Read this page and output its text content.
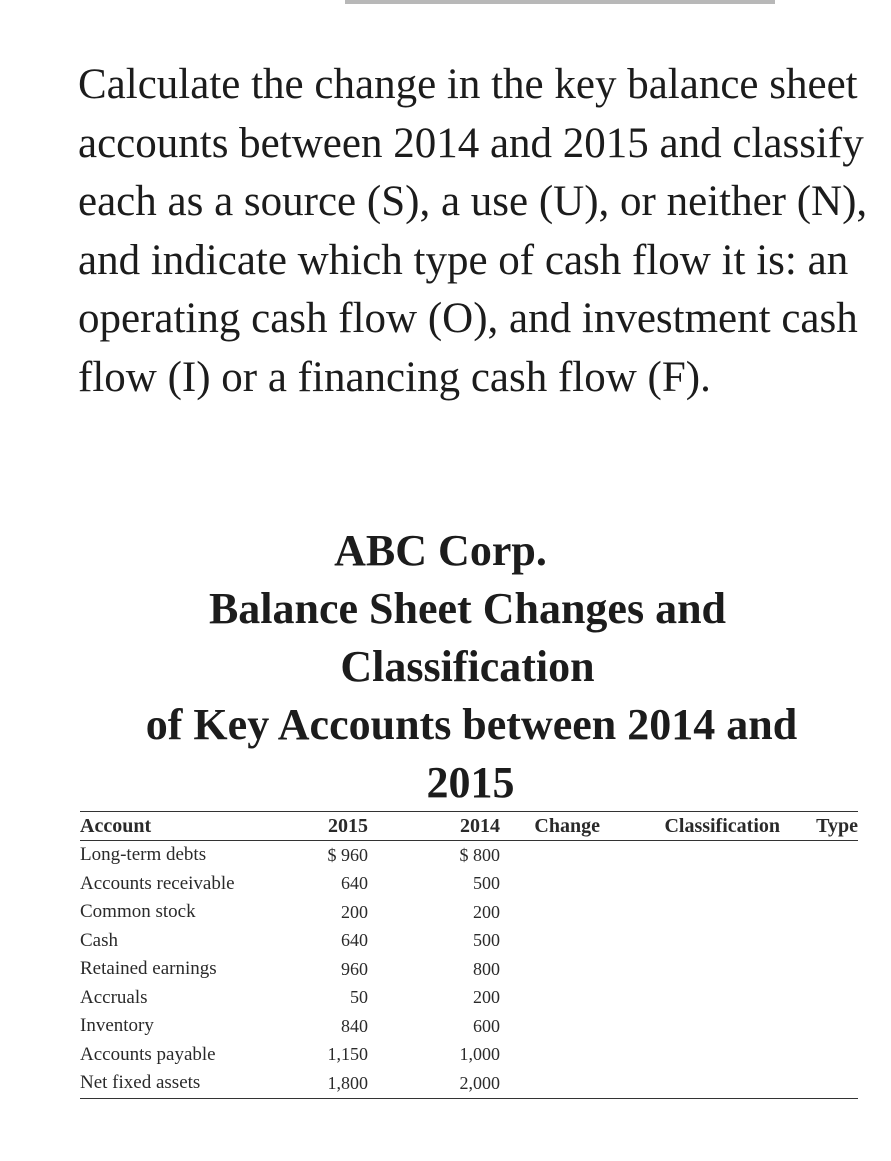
Calculate the change in the key balance sheet accounts between 2014 and 2015 and classify each as a source (S), a use (U), or neither (N), and indicate which type of cash flow it is: an operating cash flow (O), and investment cash flow (I) or a financing cash flow (F).
ABC Corp.
Balance Sheet Changes and
Classification
of Key Accounts between 2014 and
2015
Account	2015	2014	Change	Classification	Type
Long-term debts	$ 960	$ 800			
Accounts receivable	640	500			
Common stock	200	200			
Cash	640	500			
Retained earnings	960	800			
Accruals	50	200			
Inventory	840	600			
Accounts payable	1,150	1,000			
Net fixed assets	1,800	2,000			
